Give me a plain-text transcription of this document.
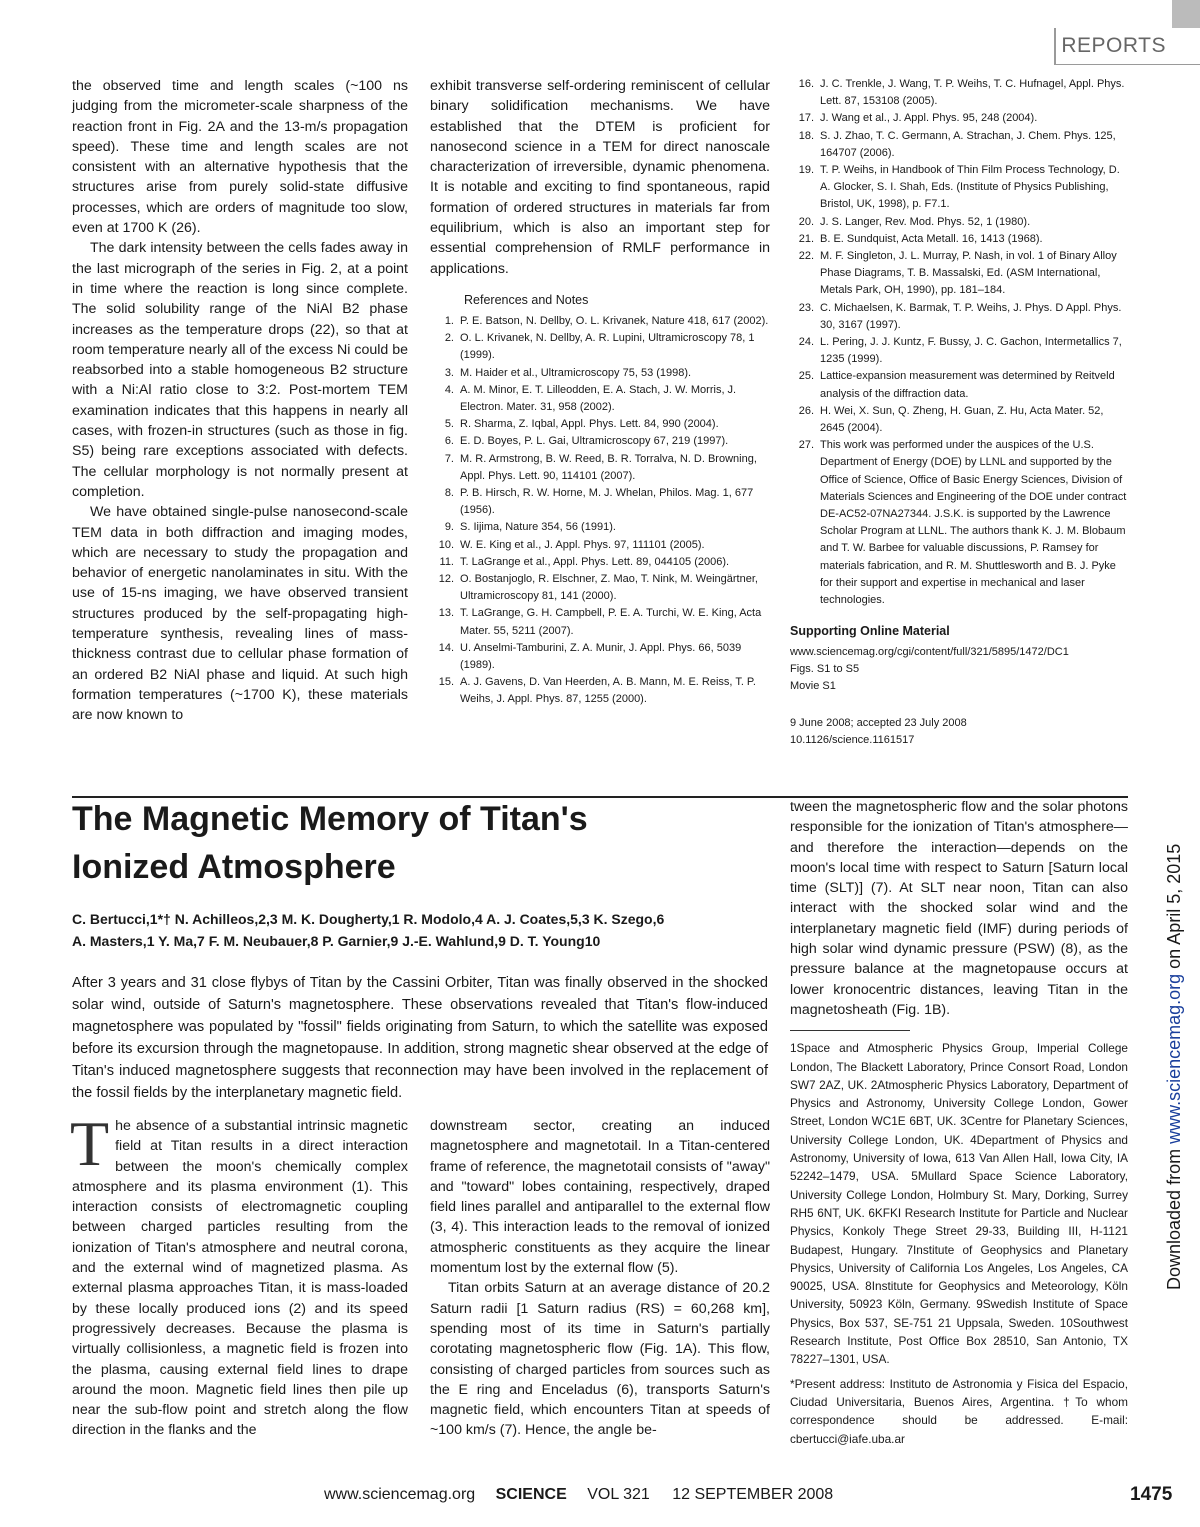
REPORTS

the observed time and length scales (~100 ns judging from the micrometer-scale sharpness of the reaction front in Fig. 2A and the 13-m/s propagation speed). These time and length scales are not consistent with an alternative hypothesis that the structures arise from purely solid-state diffusive processes, which are orders of magnitude too slow, even at 1700 K (26).

The dark intensity between the cells fades away in the last micrograph of the series in Fig. 2, at a point in time where the reaction is long since complete. The solid solubility range of the NiAl B2 phase increases as the temperature drops (22), so that at room temperature nearly all of the excess Ni could be reabsorbed into a stable homogeneous B2 structure with a Ni:Al ratio close to 3:2. Post-mortem TEM examination indicates that this happens in nearly all cases, with frozen-in structures (such as those in fig. S5) being rare exceptions associated with defects. The cellular morphology is not normally present at completion.

We have obtained single-pulse nanosecond-scale TEM data in both diffraction and imaging modes, which are necessary to study the propagation and behavior of energetic nanolaminates in situ. With the use of 15-ns imaging, we have observed transient structures produced by the self-propagating high-temperature synthesis, revealing lines of mass-thickness contrast due to cellular phase formation of an ordered B2 NiAl phase and liquid. At such high formation temperatures (~1700 K), these materials are now known to

exhibit transverse self-ordering reminiscent of cellular binary solidification mechanisms. We have established that the DTEM is proficient for nanosecond science in a TEM for direct nanoscale characterization of irreversible, dynamic phenomena. It is notable and exciting to find spontaneous, rapid formation of ordered structures in materials far from equilibrium, which is also an important step for essential comprehension of RMLF performance in applications.

References and Notes
1. P. E. Batson, N. Dellby, O. L. Krivanek, Nature 418, 617 (2002).
2. O. L. Krivanek, N. Dellby, A. R. Lupini, Ultramicroscopy 78, 1 (1999).
3. M. Haider et al., Ultramicroscopy 75, 53 (1998).
4. A. M. Minor, E. T. Lilleodden, E. A. Stach, J. W. Morris, J. Electron. Mater. 31, 958 (2002).
5. R. Sharma, Z. Iqbal, Appl. Phys. Lett. 84, 990 (2004).
6. E. D. Boyes, P. L. Gai, Ultramicroscopy 67, 219 (1997).
7. M. R. Armstrong, B. W. Reed, B. R. Torralva, N. D. Browning, Appl. Phys. Lett. 90, 114101 (2007).
8. P. B. Hirsch, R. W. Horne, M. J. Whelan, Philos. Mag. 1, 677 (1956).
9. S. Iijima, Nature 354, 56 (1991).
10. W. E. King et al., J. Appl. Phys. 97, 111101 (2005).
11. T. LaGrange et al., Appl. Phys. Lett. 89, 044105 (2006).
12. O. Bostanjoglo, R. Elschner, Z. Mao, T. Nink, M. Weingärtner, Ultramicroscopy 81, 141 (2000).
13. T. LaGrange, G. H. Campbell, P. E. A. Turchi, W. E. King, Acta Mater. 55, 5211 (2007).
14. U. Anselmi-Tamburini, Z. A. Munir, J. Appl. Phys. 66, 5039 (1989).
15. A. J. Gavens, D. Van Heerden, A. B. Mann, M. E. Reiss, T. P. Weihs, J. Appl. Phys. 87, 1255 (2000).
16. J. C. Trenkle, J. Wang, T. P. Weihs, T. C. Hufnagel, Appl. Phys. Lett. 87, 153108 (2005).
17. J. Wang et al., J. Appl. Phys. 95, 248 (2004).
18. S. J. Zhao, T. C. Germann, A. Strachan, J. Chem. Phys. 125, 164707 (2006).
19. T. P. Weihs, in Handbook of Thin Film Process Technology, D. A. Glocker, S. I. Shah, Eds. (Institute of Physics Publishing, Bristol, UK, 1998), p. F7.1.
20. J. S. Langer, Rev. Mod. Phys. 52, 1 (1980).
21. B. E. Sundquist, Acta Metall. 16, 1413 (1968).
22. M. F. Singleton, J. L. Murray, P. Nash, in vol. 1 of Binary Alloy Phase Diagrams, T. B. Massalski, Ed. (ASM International, Metals Park, OH, 1990), pp. 181–184.
23. C. Michaelsen, K. Barmak, T. P. Weihs, J. Phys. D Appl. Phys. 30, 3167 (1997).
24. L. Pering, J. J. Kuntz, F. Bussy, J. C. Gachon, Intermetallics 7, 1235 (1999).
25. Lattice-expansion measurement was determined by Reitveld analysis of the diffraction data.
26. H. Wei, X. Sun, Q. Zheng, H. Guan, Z. Hu, Acta Mater. 52, 2645 (2004).
27. This work was performed under the auspices of the U.S. Department of Energy (DOE) by LLNL and supported by the Office of Science, Office of Basic Energy Sciences, Division of Materials Sciences and Engineering of the DOE under contract DE-AC52-07NA27344. J.S.K. is supported by the Lawrence Scholar Program at LLNL. The authors thank K. J. M. Blobaum and T. W. Barbee for valuable discussions, P. Ramsey for materials fabrication, and R. M. Shuttlesworth and B. J. Pyke for their support and expertise in mechanical and laser technologies.
Supporting Online Material
www.sciencemag.org/cgi/content/full/321/5895/1472/DC1
Figs. S1 to S5
Movie S1
9 June 2008; accepted 23 July 2008
10.1126/science.1161517
The Magnetic Memory of Titan's Ionized Atmosphere
C. Bertucci,1*† N. Achilleos,2,3 M. K. Dougherty,1 R. Modolo,4 A. J. Coates,5,3 K. Szego,6
A. Masters,1 Y. Ma,7 F. M. Neubauer,8 P. Garnier,9 J.-E. Wahlund,9 D. T. Young10
After 3 years and 31 close flybys of Titan by the Cassini Orbiter, Titan was finally observed in the shocked solar wind, outside of Saturn's magnetosphere. These observations revealed that Titan's flow-induced magnetosphere was populated by "fossil" fields originating from Saturn, to which the satellite was exposed before its excursion through the magnetopause. In addition, strong magnetic shear observed at the edge of Titan's induced magnetosphere suggests that reconnection may have been involved in the replacement of the fossil fields by the interplanetary magnetic field.
T he absence of a substantial intrinsic magnetic field at Titan results in a direct interaction between the moon's chemically complex atmosphere and its plasma environment (1). This interaction consists of electromagnetic coupling between charged particles resulting from the ionization of Titan's atmosphere and neutral corona, and the external wind of magnetized plasma. As external plasma approaches Titan, it is mass-loaded by these locally produced ions (2) and its speed progressively decreases. Because the plasma is virtually collisionless, a magnetic field is frozen into the plasma, causing external field lines to drape around the moon. Magnetic field lines then pile up near the sub-flow point and stretch along the flow direction in the flanks and the

downstream sector, creating an induced magnetosphere and magnetotail. In a Titan-centered frame of reference, the magnetotail consists of "away" and "toward" lobes containing, respectively, draped field lines parallel and antiparallel to the external flow (3, 4). This interaction leads to the removal of ionized atmospheric constituents as they acquire the linear momentum lost by the external flow (5).

Titan orbits Saturn at an average distance of 20.2 Saturn radii [1 Saturn radius (RS) = 60,268 km], spending most of its time in Saturn's partially corotating magnetospheric flow (Fig. 1A). This flow, consisting of charged particles from sources such as the E ring and Enceladus (6), transports Saturn's magnetic field, which encounters Titan at speeds of ~100 km/s (7). Hence, the angle be-

tween the magnetospheric flow and the solar photons responsible for the ionization of Titan's atmosphere—and therefore the interaction—depends on the moon's local time with respect to Saturn [Saturn local time (SLT)] (7). At SLT near noon, Titan can also interact with the shocked solar wind and the interplanetary magnetic field (IMF) during periods of high solar wind dynamic pressure (PSW) (8), as the pressure balance at the magnetopause occurs at lower kronocentric distances, leaving Titan in the magnetosheath (Fig. 1B).

1Space and Atmospheric Physics Group, Imperial College London, The Blackett Laboratory, Prince Consort Road, London SW7 2AZ, UK. 2Atmospheric Physics Laboratory, Department of Physics and Astronomy, University College London, Gower Street, London WC1E 6BT, UK. 3Centre for Planetary Sciences, University College London, UK. 4Department of Physics and Astronomy, University of Iowa, 613 Van Allen Hall, Iowa City, IA 52242–1479, USA. 5Mullard Space Science Laboratory, University College London, Holmbury St. Mary, Dorking, Surrey RH5 6NT, UK. 6KFKI Research Institute for Particle and Nuclear Physics, Konkoly Thege Street 29-33, Building III, H-1121 Budapest, Hungary. 7Institute of Geophysics and Planetary Physics, University of California Los Angeles, Los Angeles, CA 90025, USA. 8Institute for Geophysics and Meteorology, Köln University, 50923 Köln, Germany. 9Swedish Institute of Space Physics, Box 537, SE-751 21 Uppsala, Sweden. 10Southwest Research Institute, Post Office Box 28510, San Antonio, TX 78227–1301, USA.

*Present address: Instituto de Astronomia y Fisica del Espacio, Ciudad Universitaria, Buenos Aires, Argentina. †To whom correspondence should be addressed. E-mail: cbertucci@iafe.uba.ar

Downloaded from www.sciencemag.org on April 5, 2015
www.sciencemag.org SCIENCE VOL 321 12 SEPTEMBER 2008	1475
